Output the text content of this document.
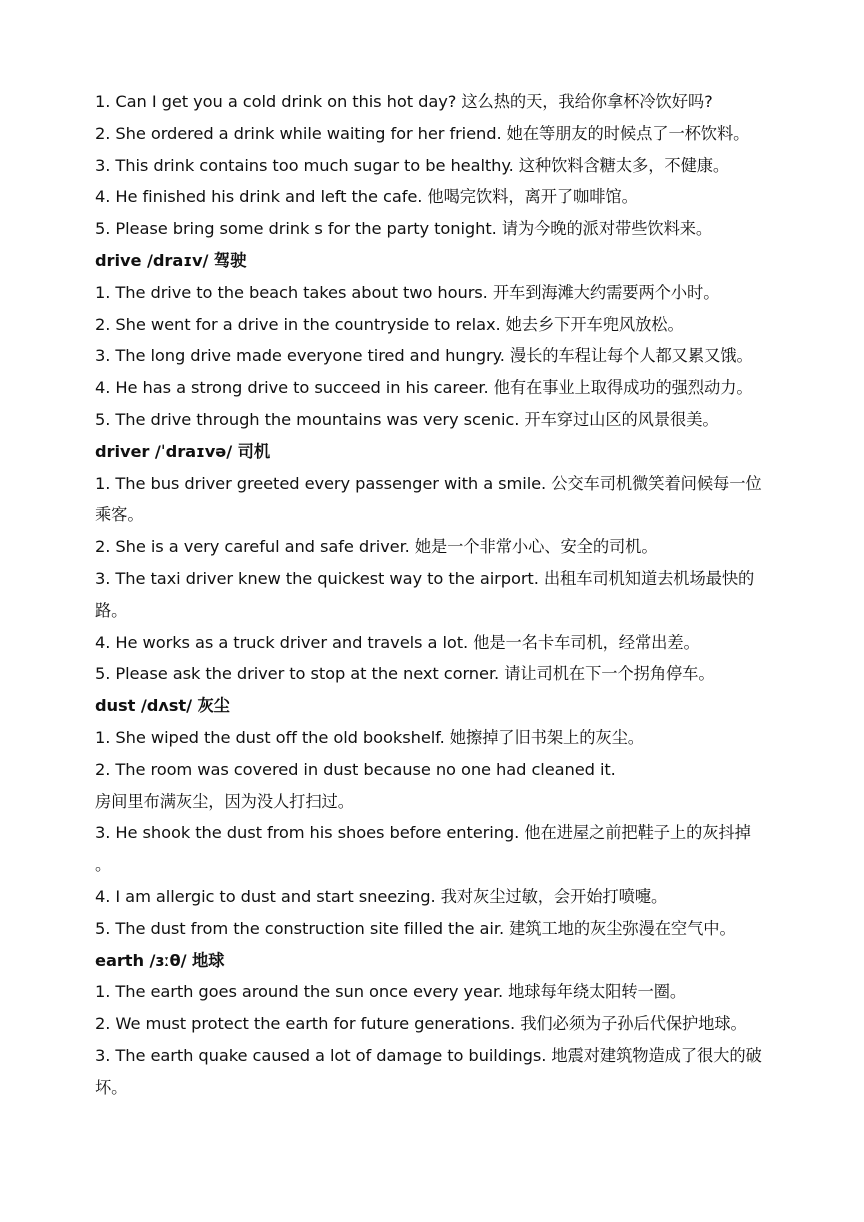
1. Can I get you a cold drink on this hot day? 这么热的天，我给你拿杯冷饮好吗?
2. She ordered a drink while waiting for her friend. 她在等朋友的时候点了一杯饮料。
3. This drink contains too much sugar to be healthy. 这种饮料含糖太多，不健康。
4. He finished his drink and left the cafe. 他喝完饮料，离开了咖啡馆。
5. Please bring some drink s for the party tonight. 请为今晚的派对带些饮料来。
drive /draɪv/ 驾驶
1. The drive to the beach takes about two hours. 开车到海滩大约需要两个小时。
2. She went for a drive in the countryside to relax. 她去乡下开车兜风放松。
3. The long drive made everyone tired and hungry. 漫长的车程让每个人都又累又饿。
4. He has a strong drive to succeed in his career. 他有在事业上取得成功的强烈动力。
5. The drive through the mountains was very scenic. 开车穿过山区的风景很美。
driver /ˈdraɪvə/ 司机
1. The bus driver greeted every passenger with a smile. 公交车司机微笑着问候每一位
乘客。
2. She is a very careful and safe driver. 她是一个非常小心、安全的司机。
3. The taxi driver knew the quickest way to the airport. 出租车司机知道去机场最快的
路。
4. He works as a truck driver and travels a lot. 他是一名卡车司机，经常出差。
5. Please ask the driver to stop at the next corner. 请让司机在下一个拐角停车。
dust /dʌst/ 灰尘
1. She wiped the dust off the old bookshelf. 她擦掉了旧书架上的灰尘。
2. The room was covered in dust because no one had cleaned it.
房间里布满灰尘，因为没人打扫过。
3. He shook the dust from his shoes before entering. 他在进屋之前把鞋子上的灰抖掉
。
4. I am allergic to dust and start sneezing. 我对灰尘过敏，会开始打喷嚏。
5. The dust from the construction site filled the air. 建筑工地的灰尘弥漫在空气中。
earth /ɜːθ/ 地球
1. The earth goes around the sun once every year. 地球每年绕太阳转一圈。
2. We must protect the earth for future generations. 我们必须为子孙后代保护地球。
3. The earth quake caused a lot of damage to buildings. 地震对建筑物造成了很大的破
坏。
